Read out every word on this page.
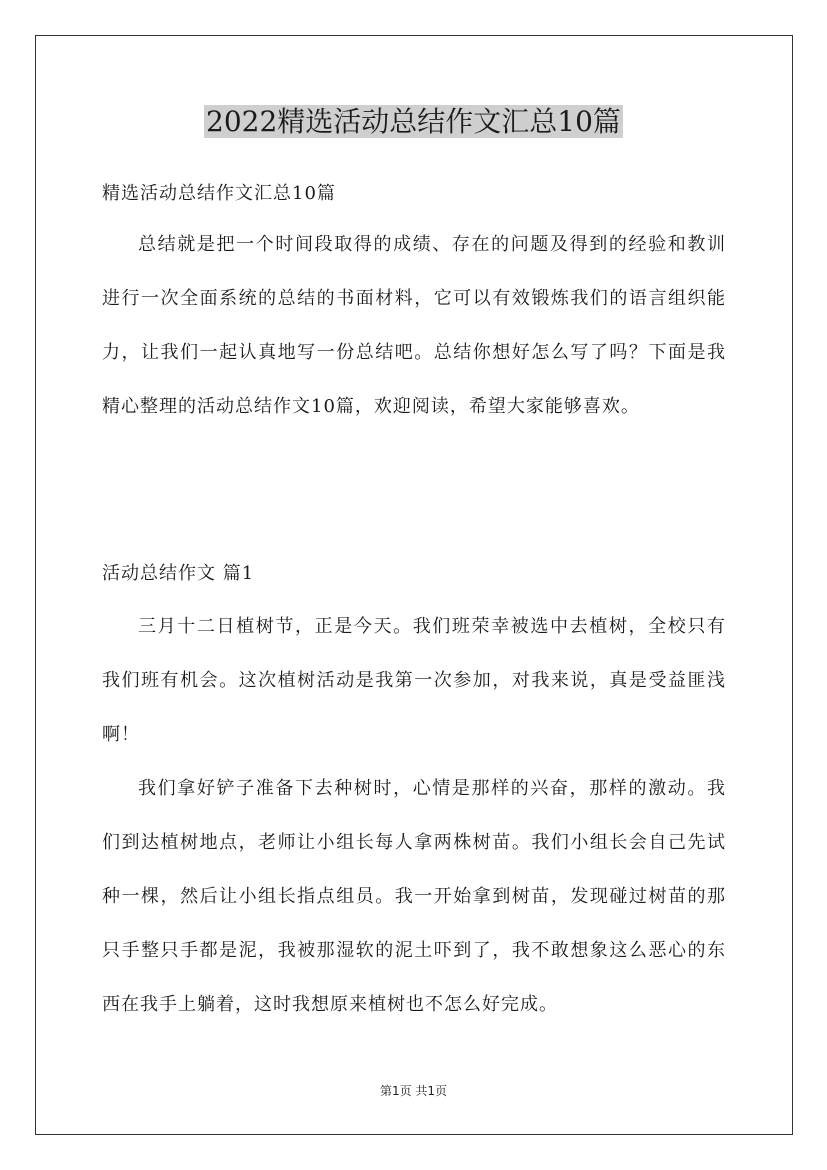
2022精选活动总结作文汇总10篇

精选活动总结作文汇总10篇

总结就是把一个时间段取得的成绩、存在的问题及得到的经验和教训进行一次全面系统的总结的书面材料，它可以有效锻炼我们的语言组织能力，让我们一起认真地写一份总结吧。总结你想好怎么写了吗？下面是我精心整理的活动总结作文10篇，欢迎阅读，希望大家能够喜欢。

活动总结作文 篇1

三月十二日植树节，正是今天。我们班荣幸被选中去植树，全校只有我们班有机会。这次植树活动是我第一次参加，对我来说，真是受益匪浅啊！

我们拿好铲子准备下去种树时，心情是那样的兴奋，那样的激动。我们到达植树地点，老师让小组长每人拿两株树苗。我们小组长会自己先试种一棵，然后让小组长指点组员。我一开始拿到树苗，发现碰过树苗的那只手整只手都是泥，我被那湿软的泥土吓到了，我不敢想象这么恶心的东西在我手上躺着，这时我想原来植树也不怎么好完成。

第1页 共1页
